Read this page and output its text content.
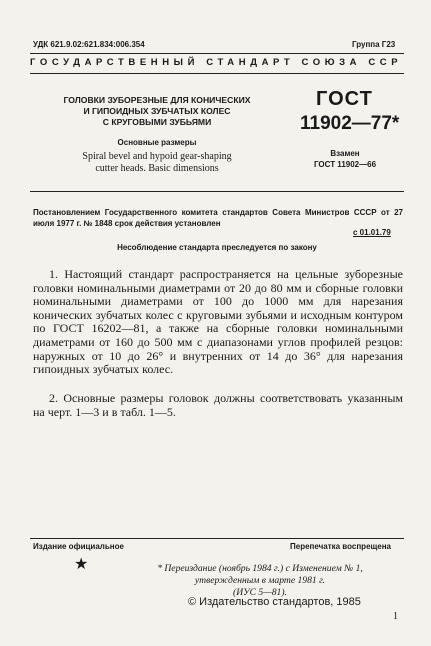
УДК 621.9.02:621.834:006.354	Группа Г23
ГОСУДАРСТВЕННЫЙ СТАНДАРТ СОЮЗА ССР
ГОЛОВКИ ЗУБОРЕЗНЫЕ ДЛЯ КОНИЧЕСКИХ
И ГИПОИДНЫХ ЗУБЧАТЫХ КОЛЕС
С КРУГОВЫМИ ЗУБЬЯМИ
Основные размеры
Spiral bevel and hypoid gear-shaping
cutter heads. Basic dimensions
ГОСТ
11902—77*
Взамен
ГОСТ 11902—66
Постановлением Государственного комитета стандартов Совета Министров СССР от 27 июля 1977 г. № 1848 срок действия установлен
с 01.01.79
Несоблюдение стандарта преследуется по закону
1. Настоящий стандарт распространяется на цельные зуборезные головки номинальными диаметрами от 20 до 80 мм и сборные головки номинальными диаметрами от 100 до 1000 мм для нарезания конических зубчатых колес с круговыми зубьями и исходным контуром по ГОСТ 16202—81, а также на сборные головки номинальными диаметрами от 160 до 500 мм с диапазонами углов профилей резцов: наружных от 10 до 26° и внутренних от 14 до 36° для нарезания гипоидных зубчатых колес.
2. Основные размеры головок должны соответствовать указанным на черт. 1—3 и в табл. 1—5.
Издание официальное	Перепечатка воспрещена
★	* Переиздание (ноябрь 1984 г.) с Изменением № 1,
утвержденным в марте 1981 г.
(ИУС 5—81).
© Издательство стандартов, 1985
1
